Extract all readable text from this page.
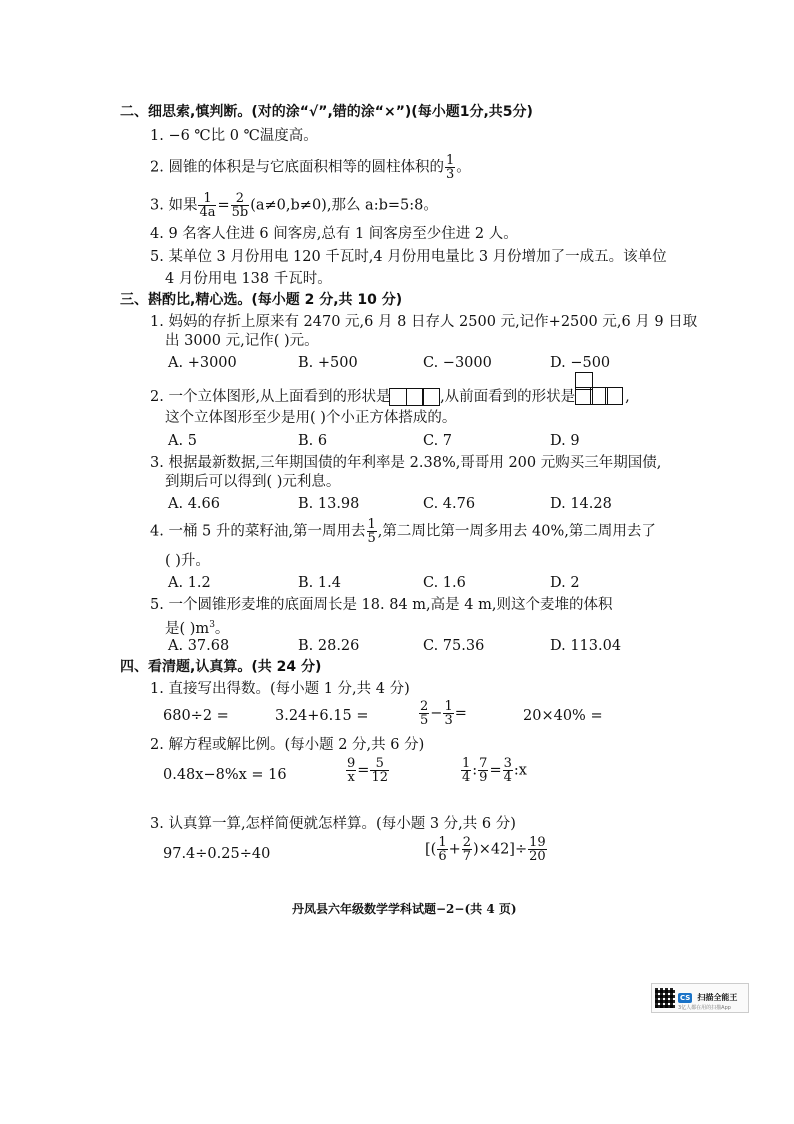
二、细思索,慎判断。(对的涂“√”,错的涂“×”)(每小题1分,共5分)
1. −6 ℃比 0 ℃温度高。
2. 圆锥的体积是与它底面积相等的圆柱体积的 $\frac{1}{3}$ 。
3. 如果 $\frac{1}{4a} = \frac{2}{5b} (a\ne 0,b\ne 0)$,那么 a:b=5:8。
4. 9 名客人住进 6 间客房,总有 1 间客房至少住进 2 人。
5. 某单位 3 月份用电 120 千瓦时,4 月份用电量比 3 月份增加了一成五。该单位
4 月份用电 138 千瓦时。
三、斟酌比,精心选。(每小题 2 分,共 10 分)
1. 妈妈的存折上原来有 2470 元,6 月 8 日存人 2500 元,记作+2500 元,6 月 9 日取
出 3000 元,记作( )元。
A. +3000	B. +500	C. −3000	D. −500
2. 一个立体图形,从上面看到的形状是	,从前面看到的形状是	,
这个立体图形至少是用( )个小正方体搭成的。
A. 5	B. 6	C. 7	D. 9
3. 根据最新数据,三年期国债的年利率是 2.38%,哥哥用 200 元购买三年期国债,
到期后可以得到( )元利息。
A. 4.66	B. 13.98	C. 4.76	D. 14.28
4. 一桶 5 升的菜籽油,第一周用去 $\frac{1}{5}$ ,第二周比第一周多用去 40%,第二周用去了
( )升。
A. 1.2	B. 1.4	C. 1.6	D. 2
5. 一个圆锥形麦堆的底面周长是 18. 84 m,高是 4 m,则这个麦堆的体积
是( )$m^3$。
A. 37.68	B. 28.26	C. 75.36	D. 113.04
四、看清题,认真算。(共 24 分)
1. 直接写出得数。(每小题 1 分,共 4 分)
680÷2 =	3.24+6.15 =	$\frac{2}{5} - \frac{1}{3}$ =	20×40% =
2. 解方程或解比例。(每小题 2 分,共 6 分)
0.48x−8%x = 16	$\frac{9}{x} = \frac{5}{12}$	$\frac{1}{4}$ : $\frac{7}{9} = \frac{3}{4}$ :x
3. 认真算一算,怎样简便就怎样算。(每小题 3 分,共 6 分)
97.4÷0.25÷40	[( $\frac{1}{6} + \frac{2}{7} )\times 42]\div \frac{19}{20}$
丹凤县六年级数学学科试题−2−(共 4 页)
CS 扫描全能王
3亿人都在用的扫描App
